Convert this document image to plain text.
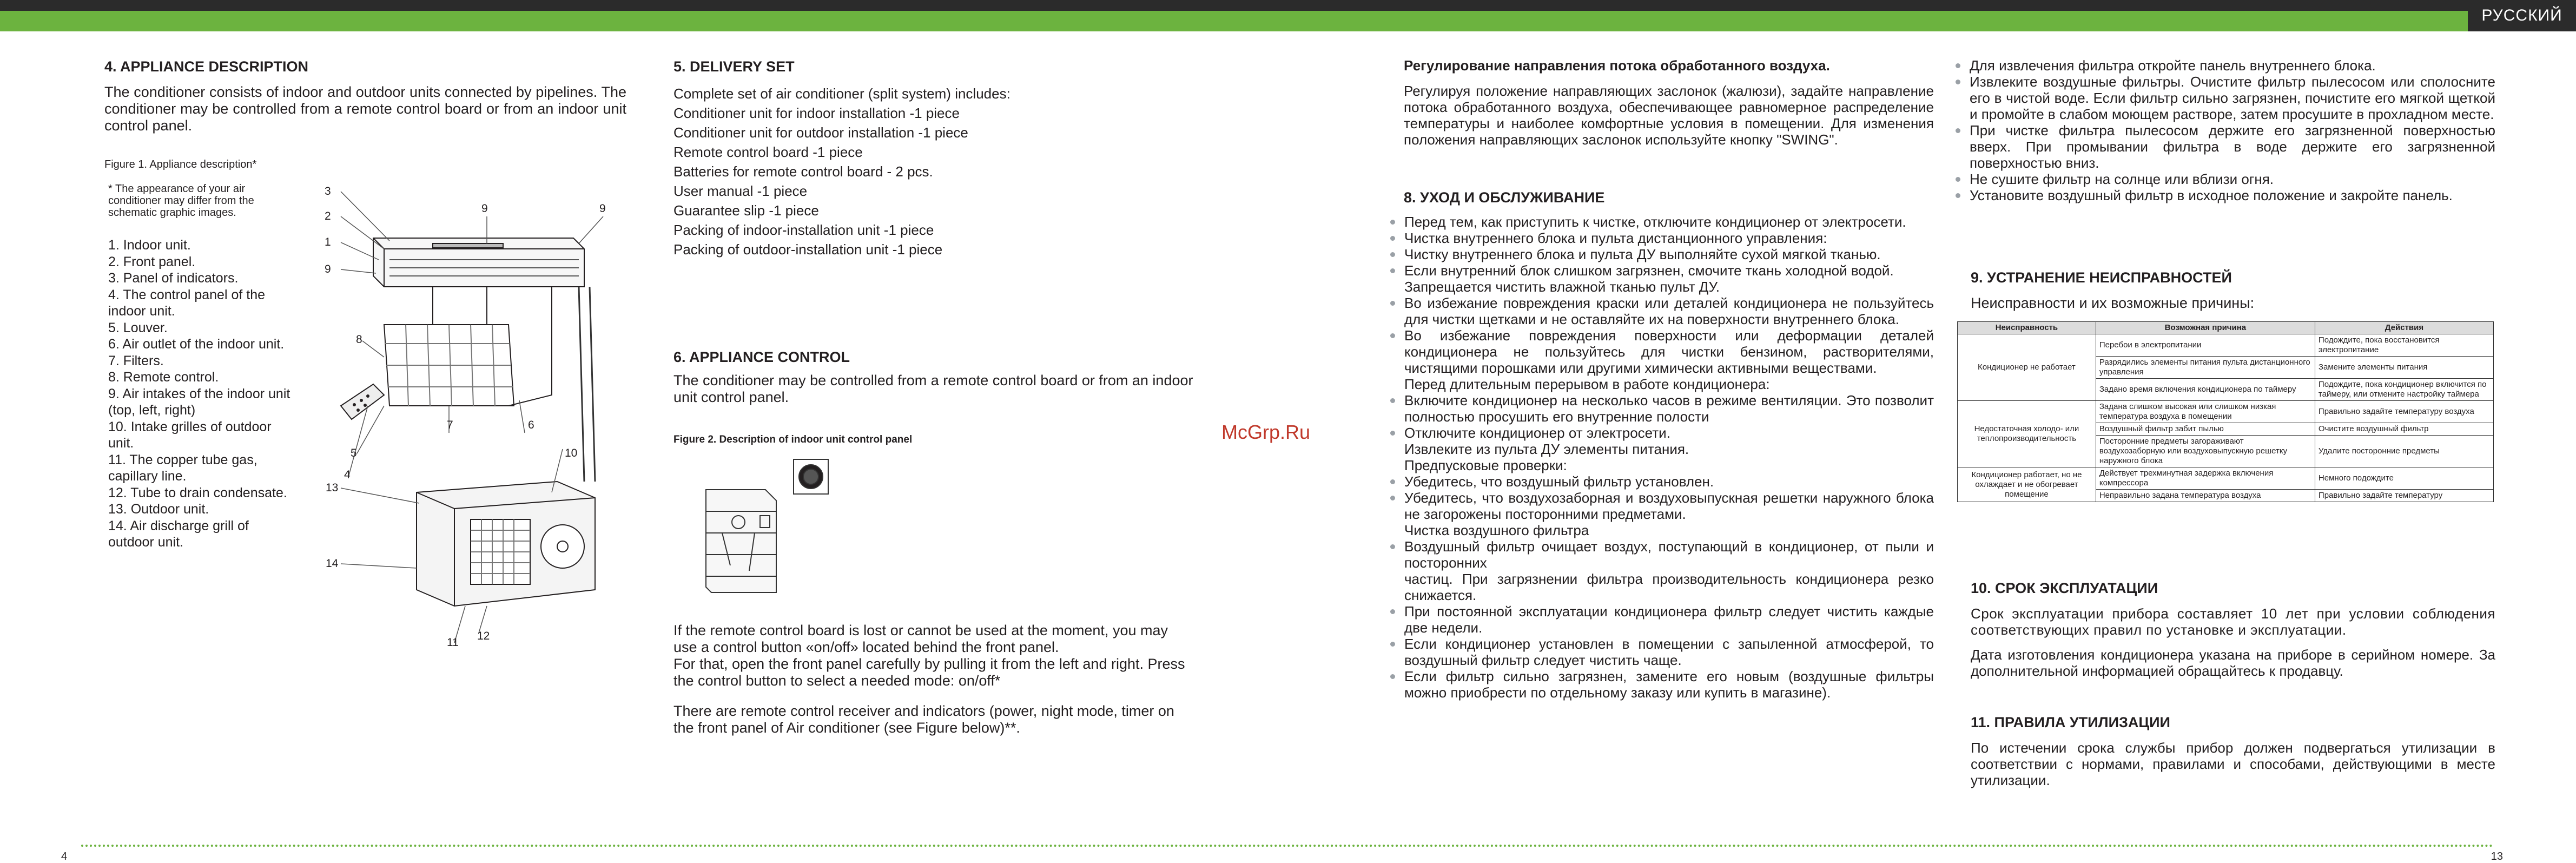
РУССКИЙ
4. APPLIANCE DESCRIPTION

The conditioner consists of indoor and outdoor units connected by pipelines. The conditioner may be controlled from a remote control board or from an indoor unit control panel.

Figure 1. Appliance description*
* The appearance of your air conditioner may differ from the schematic graphic images.
1. Indoor unit.
2. Front panel.
3. Panel of indicators.
4. The control panel of the indoor unit.
5. Louver.
6. Air outlet of the indoor unit.
7. Filters.
8. Remote control.
9. Air intakes of the indoor unit (top, left, right)
10. Intake grilles of outdoor unit.
11. The copper tube gas, capillary line.
12. Tube to drain condensate.
13. Outdoor unit.
14. Air discharge grill of outdoor unit.
3
2
1
9
9	9
8
7	6
5
4
10
13
14
12
11
5. DELIVERY SET
Complete set of air conditioner (split system) includes:
Conditioner unit for indoor installation -1 piece
Conditioner unit for outdoor installation -1 piece
Remote control board -1 piece
Batteries for remote control board - 2 pcs.
User manual -1 piece
Guarantee slip -1 piece
Packing of indoor-installation unit -1 piece
Packing of outdoor-installation unit -1 piece
6. APPLIANCE CONTROL

The conditioner may be controlled from a remote control board or from an indoor unit control panel.

Figure 2. Description of indoor unit control panel

If the remote control board is lost or cannot be used at the moment, you may use a control button «on/off» located behind the front panel.

For that, open the front panel carefully by pulling it from the left and right. Press the control button to select a needed mode: on/off*

There are remote control receiver and indicators (power, night mode, timer on the front panel of Air conditioner (see Figure below)**.

McGrp.Ru
Регулирование направления потока обработанного воздуха.

Регулируя положение направляющих заслонок (жалюзи), задайте направление потока обработанного воздуха, обеспечивающее равномерное распределение температуры и наиболее комфортные условия в помещении. Для изменения положения направляющих заслонок используйте кнопку "SWING".

8. УХОД И ОБСЛУЖИВАНИЕ
Перед тем, как приступить к чистке, отключите кондиционер от электросети.
Чистка внутреннего блока и пульта дистанционного управления:
Чистку внутреннего блока и пульта ДУ выполняйте сухой мягкой тканью.
Если внутренний блок слишком загрязнен, смочите ткань холодной водой.
Запрещается чистить влажной тканью пульт ДУ.
Во избежание повреждения краски или деталей кондиционера не пользуйтесь для чистки щетками и не оставляйте их на поверхности внутреннего блока.
Во избежание повреждения поверхности или деформации деталей кондиционера не пользуйтесь для чистки бензином, растворителями, чистящими порошками или другими химически активными веществами.
Перед длительным перерывом в работе кондиционера:
Включите кондиционер на несколько часов в режиме вентиляции. Это позволит полностью просушить его внутренние полости
Отключите кондиционер от электросети.
Извлеките из пульта ДУ элементы питания.
Предпусковые проверки:
Убедитесь, что воздушный фильтр установлен.
Убедитесь, что воздухозаборная и воздуховыпускная решетки наружного блока не загорожены посторонними предметами.
Чистка воздушного фильтра
Воздушный фильтр очищает воздух, поступающий в кондиционер, от пыли и посторонних
частиц. При загрязнении фильтра производительность кондиционера резко снижается.
При постоянной эксплуатации кондиционера фильтр следует чистить каждые две недели.
Если кондиционер установлен в помещении с запыленной атмосферой, то воздушный фильтр следует чистить чаще.
Если фильтр сильно загрязнен, замените его новым (воздушные фильтры можно приобрести по отдельному заказу или купить в магазине).
Для извлечения фильтра откройте панель внутреннего блока.
Извлеките воздушные фильтры. Очистите фильтр пылесосом или сполосните его в чистой воде. Если фильтр сильно загрязнен, почистите его мягкой щеткой и промойте в слабом моющем растворе, затем просушите в прохладном месте.
При чистке фильтра пылесосом держите его загрязненной поверхностью вверх. При промывании фильтра в воде держите его загрязненной поверхностью вниз.
Не сушите фильтр на солнце или вблизи огня.
Установите воздушный фильтр в исходное положение и закройте панель.
9. УСТРАНЕНИЕ НЕИСПРАВНОСТЕЙ

Неисправности и их возможные причины:

Неисправность	Возможная причина	Действия
Кондиционер не работает	Перебои в электропитании	Подождите, пока восстановится электропитание
	Разрядились элементы питания пульта дистанционного управления	Замените элементы питания
	Задано время включения кондиционера по таймеру	Подождите, пока кондиционер включится по таймеру, или отмените настройку таймера
Недостаточная холодо- или теплопроизводительность	Задана слишком высокая или слишком низкая температура воздуха в помещении	Правильно задайте температуру воздуха
	Воздушный фильтр забит пылью	Очистите воздушный фильтр
	Посторонние предметы загораживают воздухозаборную или воздуховыпускную решетку наружного блока	Удалите посторонние предметы
Кондиционер работает, но не охлаждает и не обогревает помещение	Действует трехминутная задержка включения компрессора	Немного подождите
	Неправильно задана температура воздуха	Правильно задайте температуру
10. СРОК ЭКСПЛУАТАЦИИ

Срок эксплуатации прибора составляет 10 лет при условии соблюдения соответствующих правил по установке и эксплуатации.

Дата изготовления кондиционера указана на приборе в серийном номере. За дополнительной информацией обращайтесь к продавцу.

11. ПРАВИЛА УТИЛИЗАЦИИ

По истечении срока службы прибор должен подвергаться утилизации в соответствии с нормами, правилами и способами, действующими в месте утилизации.

4	13
